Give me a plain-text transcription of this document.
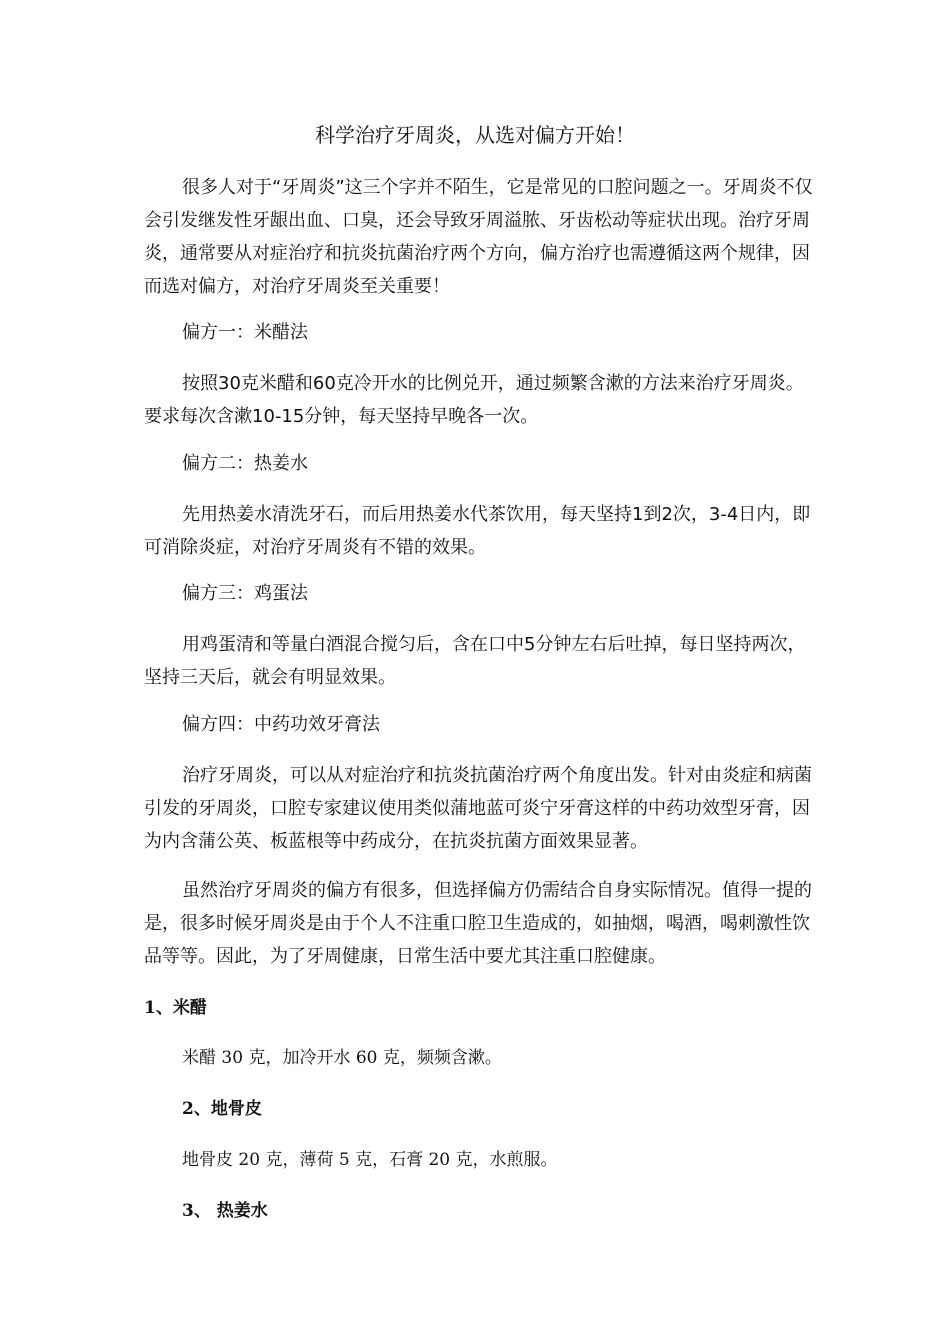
科学治疗牙周炎，从选对偏方开始！

很多人对于“牙周炎”这三个字并不陌生，它是常见的口腔问题之一。牙周炎不仅会引发继发性牙龈出血、口臭，还会导致牙周溢脓、牙齿松动等症状出现。治疗牙周炎，通常要从对症治疗和抗炎抗菌治疗两个方向，偏方治疗也需遵循这两个规律，因而选对偏方，对治疗牙周炎至关重要！

偏方一：米醋法

按照30克米醋和60克冷开水的比例兑开，通过频繁含漱的方法来治疗牙周炎。要求每次含漱10-15分钟，每天坚持早晚各一次。

偏方二：热姜水

先用热姜水清洗牙石，而后用热姜水代茶饮用，每天坚持1到2次，3-4日内，即可消除炎症，对治疗牙周炎有不错的效果。

偏方三：鸡蛋法

用鸡蛋清和等量白酒混合搅匀后，含在口中5分钟左右后吐掉，每日坚持两次，坚持三天后，就会有明显效果。

偏方四：中药功效牙膏法

治疗牙周炎，可以从对症治疗和抗炎抗菌治疗两个角度出发。针对由炎症和病菌引发的牙周炎，口腔专家建议使用类似蒲地蓝可炎宁牙膏这样的中药功效型牙膏，因为内含蒲公英、板蓝根等中药成分，在抗炎抗菌方面效果显著。

虽然治疗牙周炎的偏方有很多，但选择偏方仍需结合自身实际情况。值得一提的是，很多时候牙周炎是由于个人不注重口腔卫生造成的，如抽烟，喝酒，喝刺激性饮品等等。因此，为了牙周健康，日常生活中要尤其注重口腔健康。

1、米醋

米醋 30 克，加冷开水 60 克，频频含漱。

2、地骨皮

地骨皮 20 克，薄荷 5 克，石膏 20 克，水煎服。

3、 热姜水
